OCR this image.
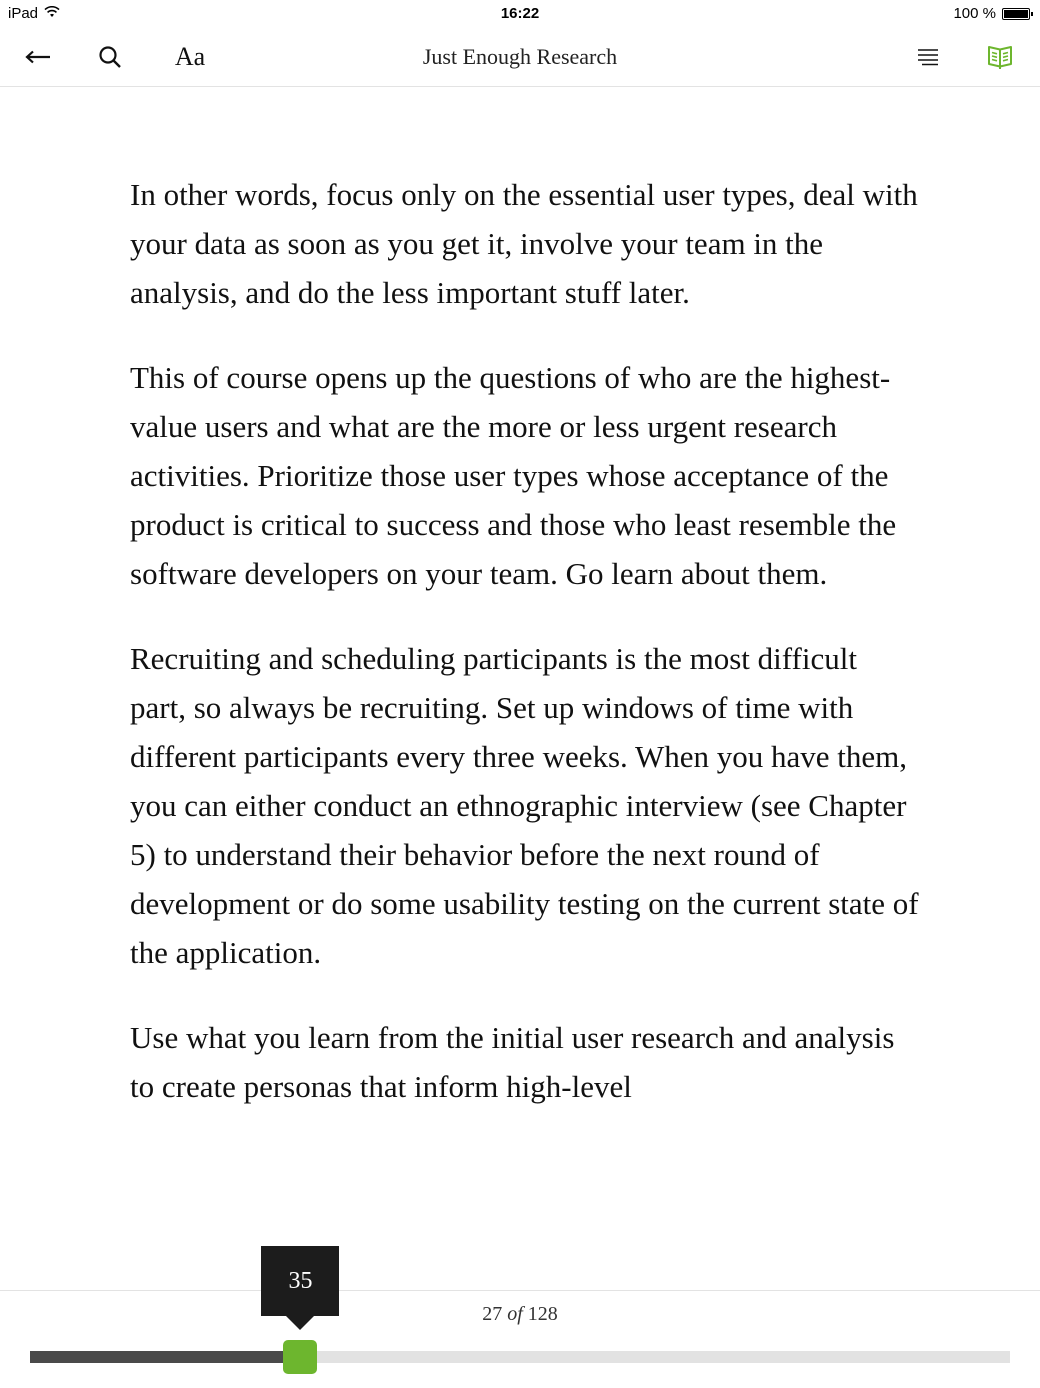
iPad	16:22	100 %
Aa	Just Enough Research

In other words, focus only on the essential user types, deal with your data as soon as you get it, involve your team in the analysis, and do the less important stuff later.

This of course opens up the questions of who are the highest-value users and what are the more or less urgent research activities. Prioritize those user types whose acceptance of the product is critical to success and those who least resemble the software developers on your team. Go learn about them.

Recruiting and scheduling participants is the most difficult part, so always be recruiting. Set up windows of time with different participants every three weeks. When you have them, you can either conduct an ethnographic interview (see Chapter 5) to understand their behavior before the next round of development or do some usability testing on the current state of the application.

Use what you learn from the initial user research and analysis to create personas that inform high-level

27 of 128
35
